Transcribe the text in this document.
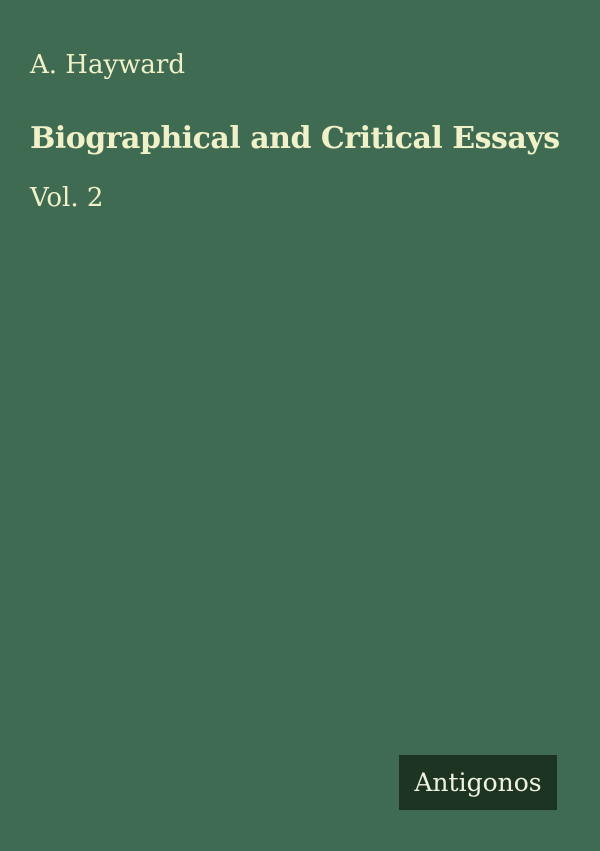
A. Hayward
Biographical and Critical Essays
Vol. 2
Antigonos
